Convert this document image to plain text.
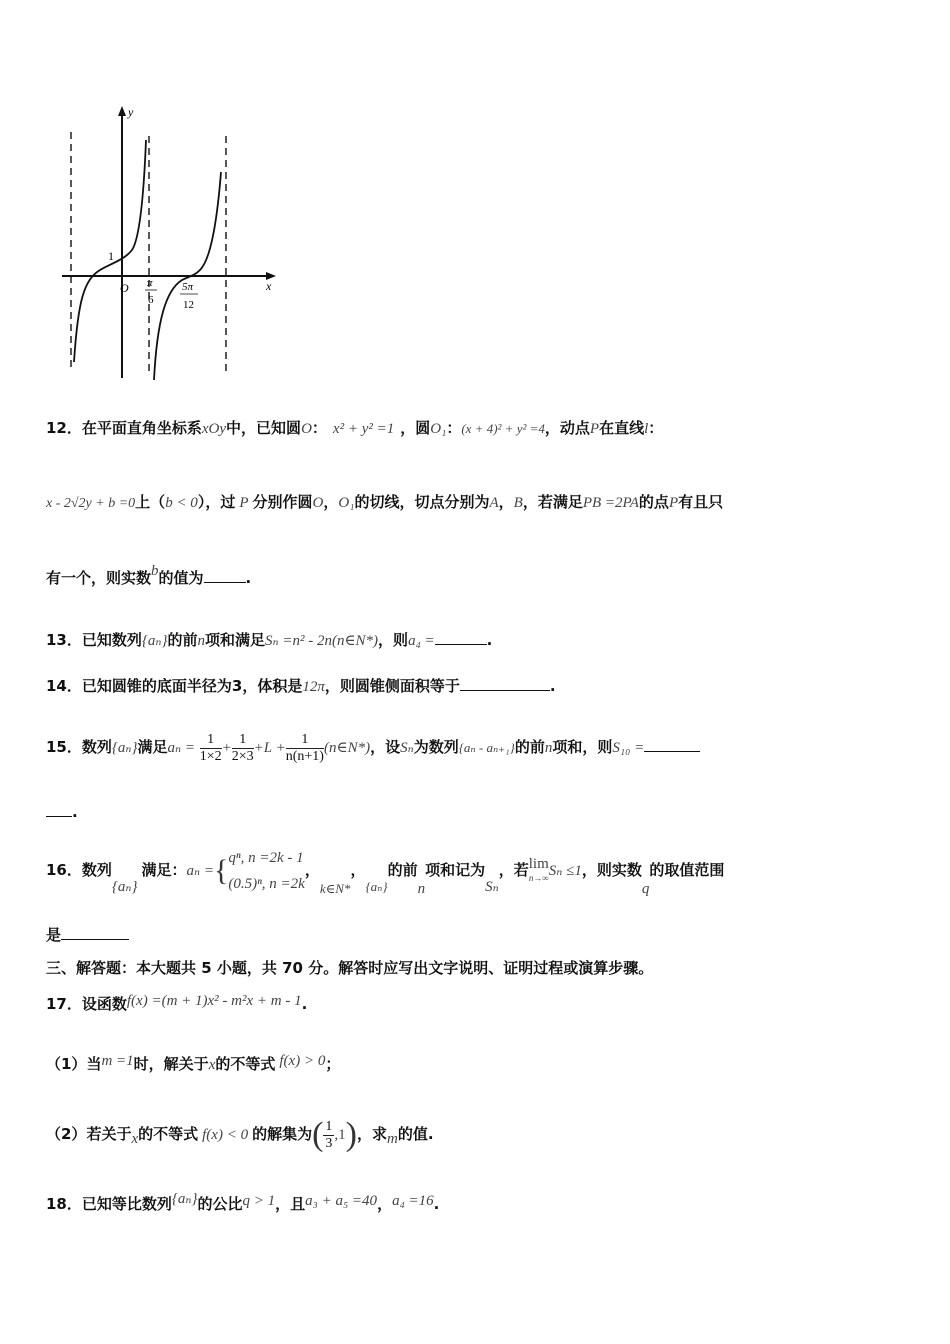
y
x
O
1
π
6
5π
12
12．在平面直角坐标系xOy中，已知圆O： x² + y² =1 ，圆O₁：(x + 4)² + y² =4，动点P在直线l：
x - 2√2y + b =0上（b < 0），过 P 分别作圆O，O₁的切线，切点分别为A，B，若满足PB =2PA的点P有且只
有一个，则实数b的值为	.
13．已知数列{aₙ}的前n项和满足Sₙ =n² - 2n(n∈N*)，则a₄ =	.
14．已知圆锥的底面半径为3，体积是12π，则圆锥侧面积等于	.
15．数列{aₙ}满足$a_n = \frac{1}{1\times 2} + \frac{1}{2\times 3} +L + \frac{1}{n(n+1)}$ (n∈N*)，设Sₙ为数列{aₙ - aₙ₊₁}的前n项和，则S₁₀ =
.
16．数列{aₙ}满足：aₙ ={ qⁿ, n =2k - 1
(0.5)ⁿ, n =2k
，k∈N*，{aₙ}的前n项和记为Sₙ，若 lim
n→∞ Sₙ ≤1，则实数q的取值范围
是
三、解答题：本大题共 5 小题，共 70 分。解答时应写出文字说明、证明过程或演算步骤。
17．设函数f(x) =(m + 1)x² - m²x + m - 1.
（1）当m =1时，解关于x的不等式 f(x) > 0；
（2）若关于x的不等式 f(x) < 0 的解集为( $\frac{1}{3} ,1$)，求m的值.
18．已知等比数列{aₙ}的公比q > 1，且a₃ + a₅ =40，a₄ =16.
